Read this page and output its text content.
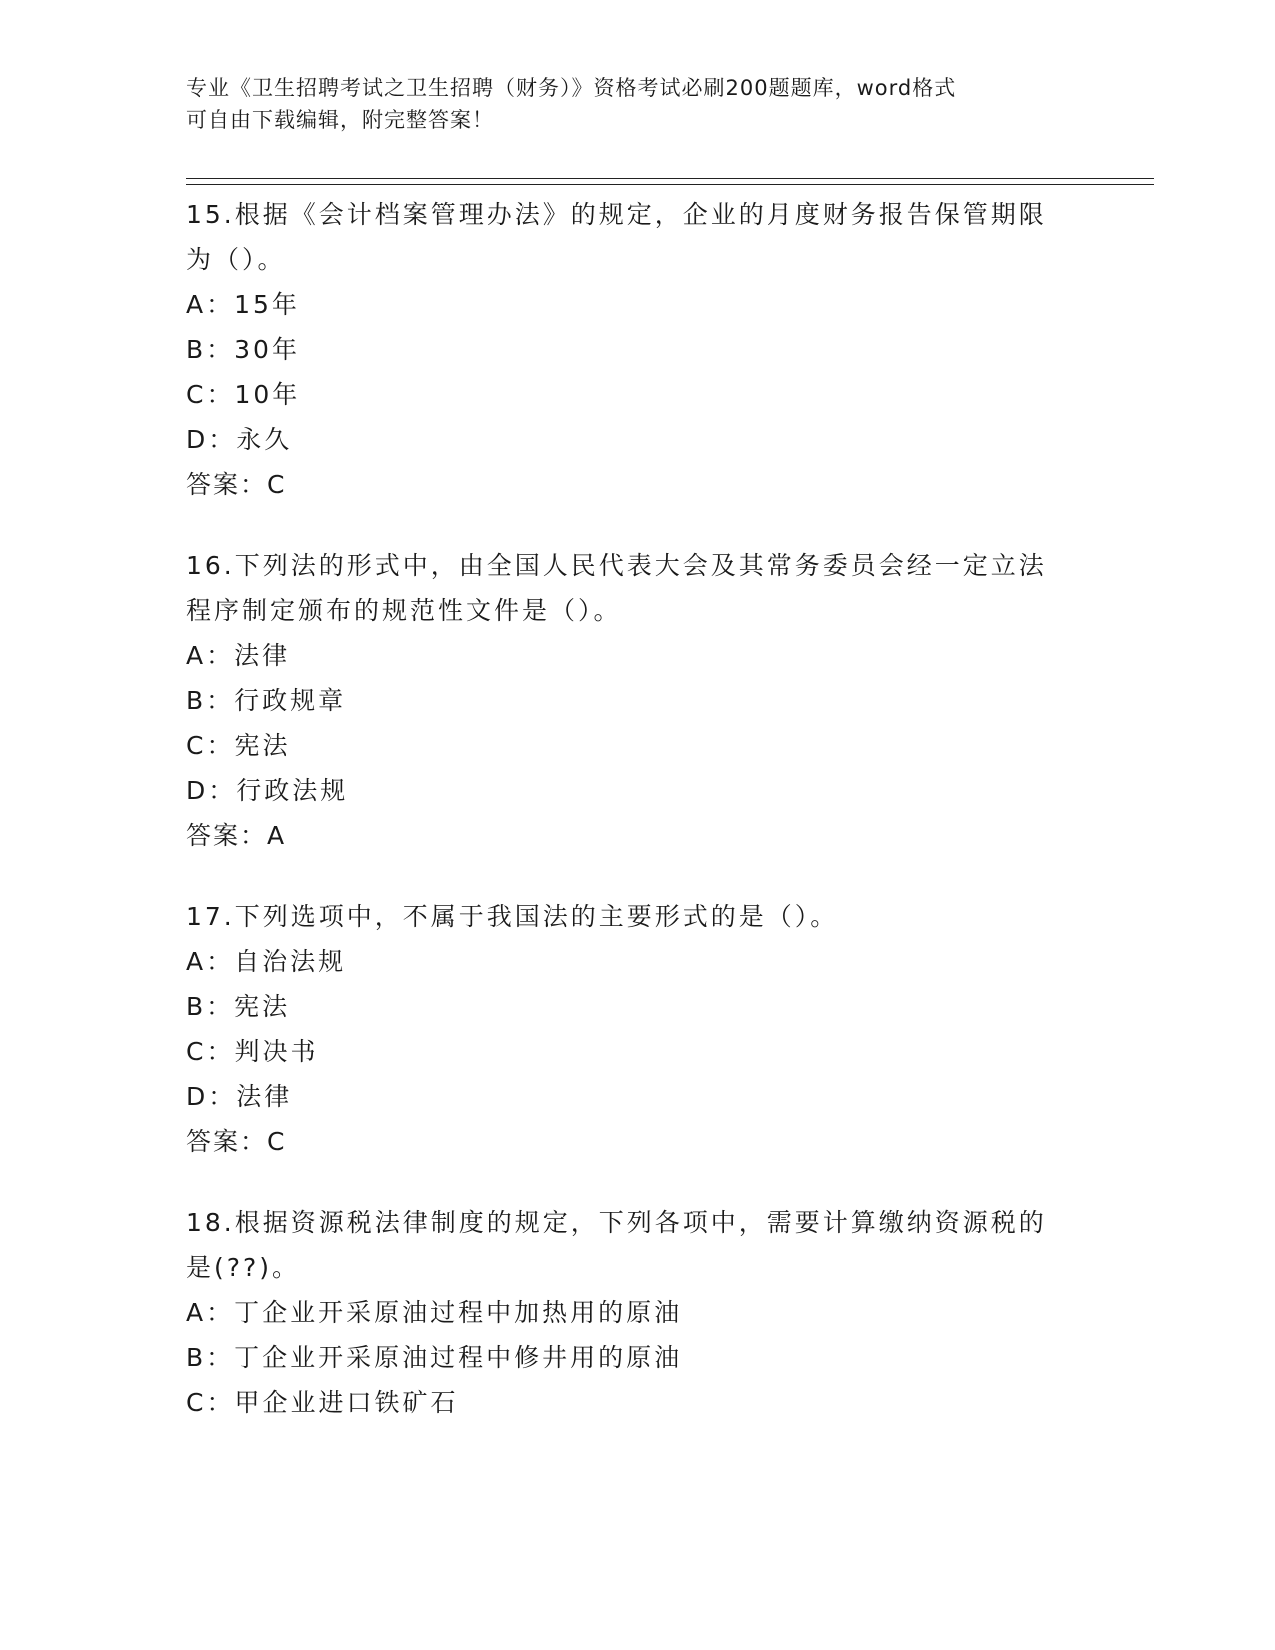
专业《卫生招聘考试之卫生招聘（财务）》资格考试必刷200题题库，word格式

可自由下载编辑，附完整答案！

15.根据《会计档案管理办法》的规定，企业的月度财务报告保管期限
为（）。
A：15年
B：30年
C：10年
D：永久
答案：C
16.下列法的形式中，由全国人民代表大会及其常务委员会经一定立法
程序制定颁布的规范性文件是（）。
A：法律
B：行政规章
C：宪法
D：行政法规
答案：A
17.下列选项中，不属于我国法的主要形式的是（）。
A：自治法规
B：宪法
C：判决书
D：法律
答案：C
18.根据资源税法律制度的规定，下列各项中，需要计算缴纳资源税的
是(??)。
A：丁企业开采原油过程中加热用的原油
B：丁企业开采原油过程中修井用的原油
C：甲企业进口铁矿石
